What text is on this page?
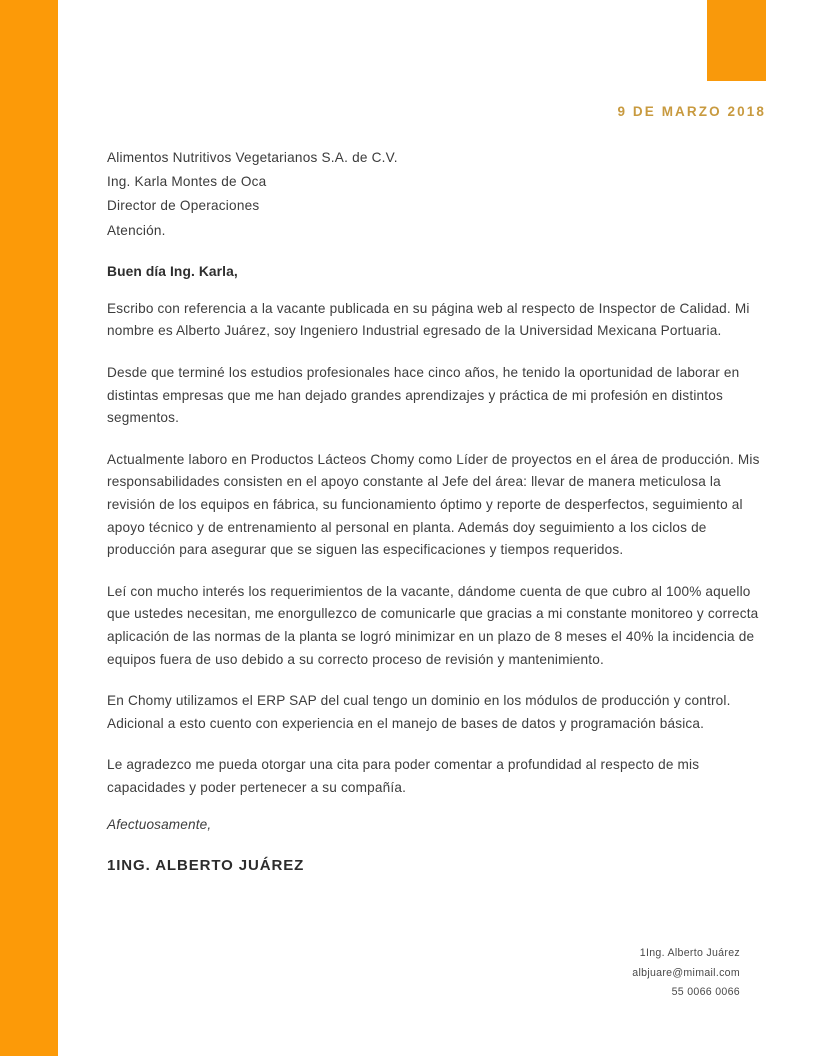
9 DE MARZO 2018
Alimentos Nutritivos Vegetarianos S.A. de C.V.
Ing. Karla Montes de Oca
Director de Operaciones
Atención.
Buen día Ing. Karla,

Escribo con referencia a la vacante publicada en su página web al respecto de Inspector de Calidad. Mi nombre es Alberto Juárez, soy Ingeniero Industrial egresado de la Universidad Mexicana Portuaria.

Desde que terminé los estudios profesionales hace cinco años, he tenido la oportunidad de laborar en distintas empresas que me han dejado grandes aprendizajes y práctica de mi profesión en distintos segmentos.

Actualmente laboro en Productos Lácteos Chomy como Líder de proyectos en el área de producción. Mis responsabilidades consisten en el apoyo constante al Jefe del área: llevar de manera meticulosa la revisión de los equipos en fábrica, su funcionamiento óptimo y reporte de desperfectos, seguimiento al apoyo técnico y de entrenamiento al personal en planta. Además doy seguimiento a los ciclos de producción para asegurar que se siguen las especificaciones y tiempos requeridos.

Leí con mucho interés los requerimientos de la vacante, dándome cuenta de que cubro al 100% aquello que ustedes necesitan, me enorgullezco de comunicarle que gracias a mi constante monitoreo y correcta aplicación de las normas de la planta se logró minimizar en un plazo de 8 meses el 40% la incidencia de equipos fuera de uso debido a su correcto proceso de revisión y mantenimiento.

En Chomy utilizamos el ERP SAP del cual tengo un dominio en los módulos de producción y control. Adicional a esto cuento con experiencia en el manejo de bases de datos y programación básica.

Le agradezco me pueda otorgar una cita para poder comentar a profundidad al respecto de mis capacidades y poder pertenecer a su compañía.

Afectuosamente,
1ING. ALBERTO JUÁREZ
1Ing. Alberto Juárez
albjuare@mimail.com
55 0066 0066
